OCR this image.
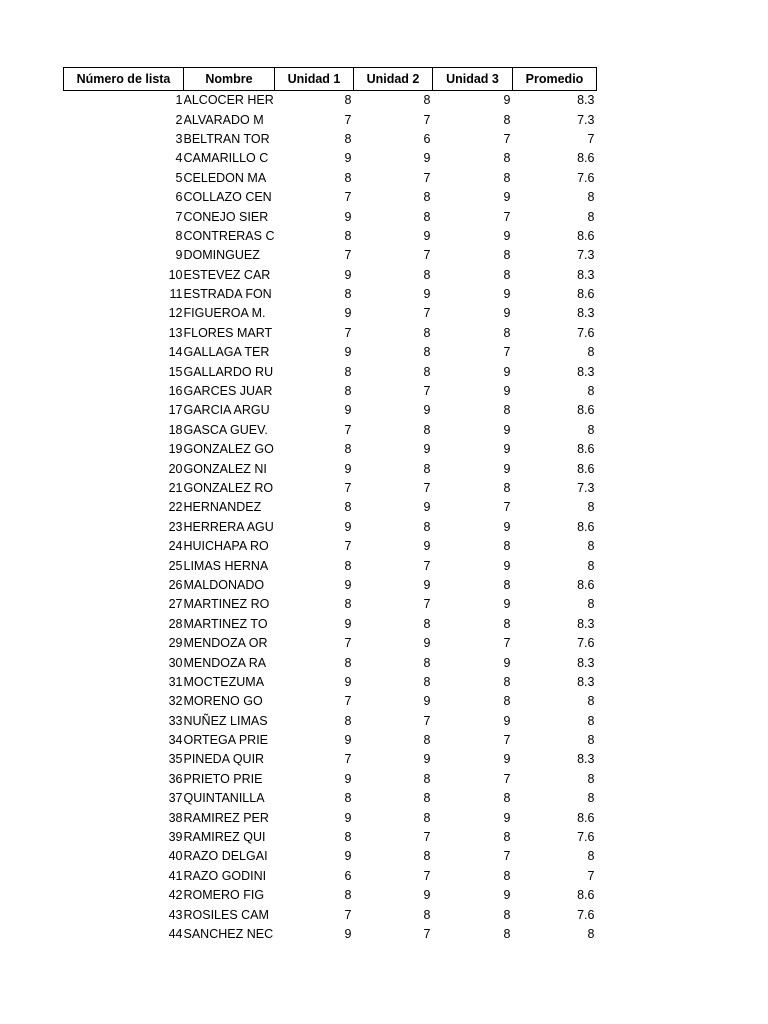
Número de lista	Nombre	Unidad 1	Unidad 2	Unidad 3	Promedio
1	ALCOCER HER	8	8	9	8.3
2	ALVARADO M	7	7	8	7.3
3	BELTRAN TOR	8	6	7	7
4	CAMARILLO C	9	9	8	8.6
5	CELEDON MA	8	7	8	7.6
6	COLLAZO CEN	7	8	9	8
7	CONEJO SIER	9	8	7	8
8	CONTRERAS C	8	9	9	8.6
9	DOMINGUEZ	7	7	8	7.3
10	ESTEVEZ CAR	9	8	8	8.3
11	ESTRADA FON	8	9	9	8.6
12	FIGUEROA M.	9	7	9	8.3
13	FLORES MART	7	8	8	7.6
14	GALLAGA TER	9	8	7	8
15	GALLARDO RU	8	8	9	8.3
16	GARCES JUAR	8	7	9	8
17	GARCIA ARGU	9	9	8	8.6
18	GASCA GUEV.	7	8	9	8
19	GONZALEZ GO	8	9	9	8.6
20	GONZALEZ NI	9	8	9	8.6
21	GONZALEZ RO	7	7	8	7.3
22	HERNANDEZ	8	9	7	8
23	HERRERA AGU	9	8	9	8.6
24	HUICHAPA RO	7	9	8	8
25	LIMAS HERNA	8	7	9	8
26	MALDONADO	9	9	8	8.6
27	MARTINEZ RO	8	7	9	8
28	MARTINEZ TO	9	8	8	8.3
29	MENDOZA OR	7	9	7	7.6
30	MENDOZA RA	8	8	9	8.3
31	MOCTEZUMA	9	8	8	8.3
32	MORENO GO	7	9	8	8
33	NUÑEZ LIMAS	8	7	9	8
34	ORTEGA PRIE	9	8	7	8
35	PINEDA QUIR	7	9	9	8.3
36	PRIETO PRIE	9	8	7	8
37	QUINTANILLA	8	8	8	8
38	RAMIREZ PER	9	8	9	8.6
39	RAMIREZ QUI	8	7	8	7.6
40	RAZO DELGAI	9	8	7	8
41	RAZO GODINI	6	7	8	7
42	ROMERO FIG	8	9	9	8.6
43	ROSILES CAM	7	8	8	7.6
44	SANCHEZ NEC	9	7	8	8
